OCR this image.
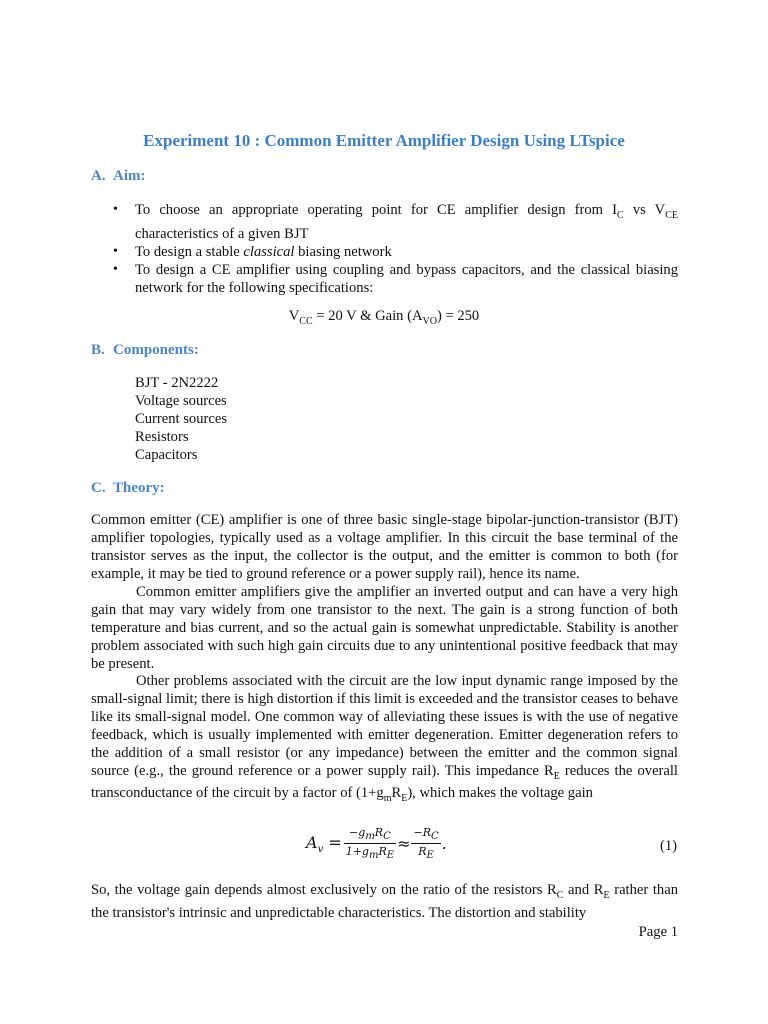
Experiment 10 : Common Emitter Amplifier Design Using LTspice
A. Aim:
• To choose an appropriate operating point for CE amplifier design from $I_C$ vs $V_{CE}$ characteristics of a given BJT
• To design a stable classical biasing network
• To design a CE amplifier using coupling and bypass capacitors, and the classical biasing network for the following specifications:
$V_{CC} = 20$ V & Gain $(A_{VO}) = 250$
B. Components:
BJT - 2N2222
Voltage sources
Current sources
Resistors
Capacitors
C. Theory:
Common emitter (CE) amplifier is one of three basic single-stage bipolar-junction-transistor (BJT) amplifier topologies, typically used as a voltage amplifier. In this circuit the base terminal of the transistor serves as the input, the collector is the output, and the emitter is common to both (for example, it may be tied to ground reference or a power supply rail), hence its name.
Common emitter amplifiers give the amplifier an inverted output and can have a very high gain that may vary widely from one transistor to the next. The gain is a strong function of both temperature and bias current, and so the actual gain is somewhat unpredictable. Stability is another problem associated with such high gain circuits due to any unintentional positive feedback that may be present.
Other problems associated with the circuit are the low input dynamic range imposed by the small-signal limit; there is high distortion if this limit is exceeded and the transistor ceases to behave like its small-signal model. One common way of alleviating these issues is with the use of negative feedback, which is usually implemented with emitter degeneration. Emitter degeneration refers to the addition of a small resistor (or any impedance) between the emitter and the common signal source (e.g., the ground reference or a power supply rail). This impedance $R_E$ reduces the overall transconductance of the circuit by a factor of $(1+g_mR_E)$, which makes the voltage gain
$A_v$ =	$-g_mR_C$	≈	$-R_C$	.
	$1+g_mR_E$		$R_E$
(1)
So, the voltage gain depends almost exclusively on the ratio of the resistors $R_C$ and $R_E$ rather than the transistor's intrinsic and unpredictable characteristics. The distortion and stability
Page 1
